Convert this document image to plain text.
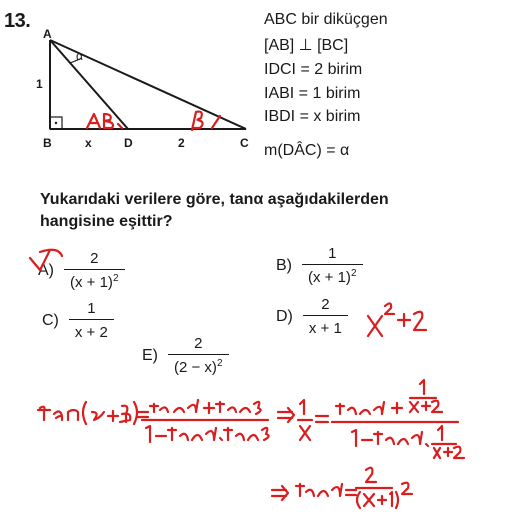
13.
A
B	D	C
1
x	2
α
ABC bir diküçgen
[AB] ⊥ [BC]
IDCI = 2 birim
IABI = 1 birim
IBDI = x birim
m(DÂC) = α
Yukarıdaki verilere göre, tanα aşağıdakilerden
hangisine eşittir?
$A) \frac{2}{(x + 1)^2}$	$B) \frac{1}{(x + 1)^2}$
$C) \frac{1}{x + 2}$	$D) \frac{2}{x + 1}$
$E) \frac{2}{(2 - x)^2}$
